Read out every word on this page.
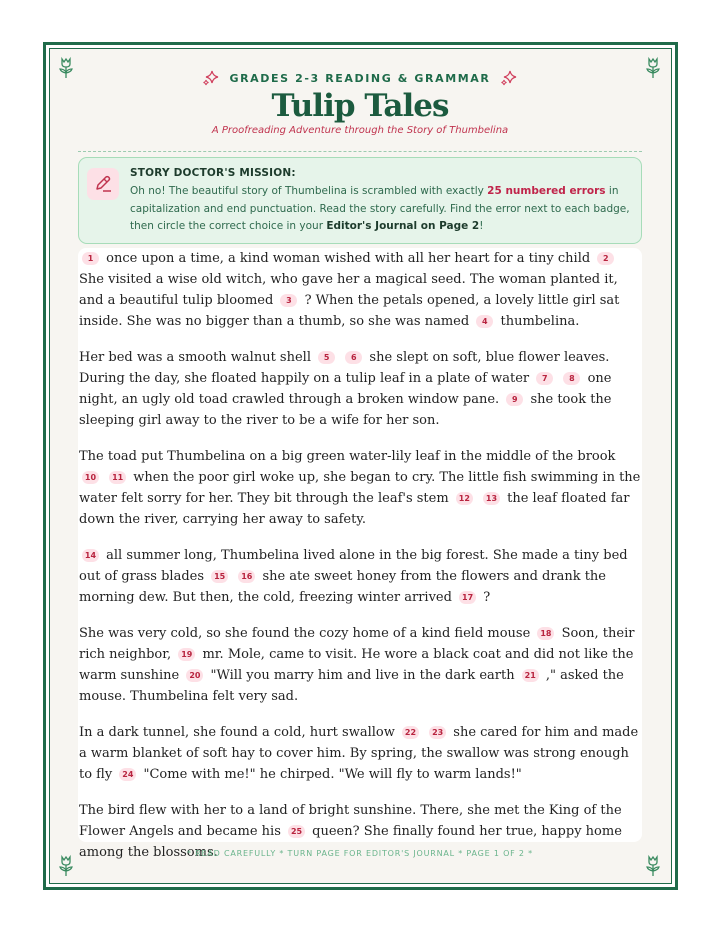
GRADES 2-3 READING & GRAMMAR
Tulip Tales
A Proofreading Adventure through the Story of Thumbelina
STORY DOCTOR'S MISSION:
Oh no! The beautiful story of Thumbelina is scrambled with exactly 25 numbered errors in capitalization and end punctuation. Read the story carefully. Find the error next to each badge, then circle the correct choice in your Editor's Journal on Page 2!

1 once upon a time, a kind woman wished with all her heart for a tiny child 2 She visited a wise old witch, who gave her a magical seed. The woman planted it, and a beautiful tulip bloomed 3 ? When the petals opened, a lovely little girl sat inside. She was no bigger than a thumb, so she was named 4 thumbelina.

Her bed was a smooth walnut shell 5	6 she slept on soft, blue flower leaves. During the day, she floated happily on a tulip leaf in a plate of water 7	8 one night, an ugly old toad crawled through a broken window pane. 9 she took the sleeping girl away to the river to be a wife for her son.

The toad put Thumbelina on a big green water-lily leaf in the middle of the brook 10 11 when the poor girl woke up, she began to cry. The little fish swimming in the water felt sorry for her. They bit through the leaf's stem 12 13 the leaf floated far down the river, carrying her away to safety.

14 all summer long, Thumbelina lived alone in the big forest. She made a tiny bed out of grass blades 15 16 she ate sweet honey from the flowers and drank the morning dew. But then, the cold, freezing winter arrived 17 ?

She was very cold, so she found the cozy home of a kind field mouse 18 Soon, their rich neighbor, 19 mr. Mole, came to visit. He wore a black coat and did not like the warm sunshine 20 "Will you marry him and live in the dark earth 21 ," asked the mouse. Thumbelina felt very sad.

In a dark tunnel, she found a cold, hurt swallow 22 23 she cared for him and made a warm blanket of soft hay to cover him. By spring, the swallow was strong enough to fly 24 "Come with me!" he chirped. "We will fly to warm lands!"

The bird flew with her to a land of bright sunshine. There, she met the King of the Flower Angels and became his 25 queen? She finally found her true, happy home among the blossoms.

* READ CAREFULLY * TURN PAGE FOR EDITOR'S JOURNAL * PAGE 1 OF 2 *
